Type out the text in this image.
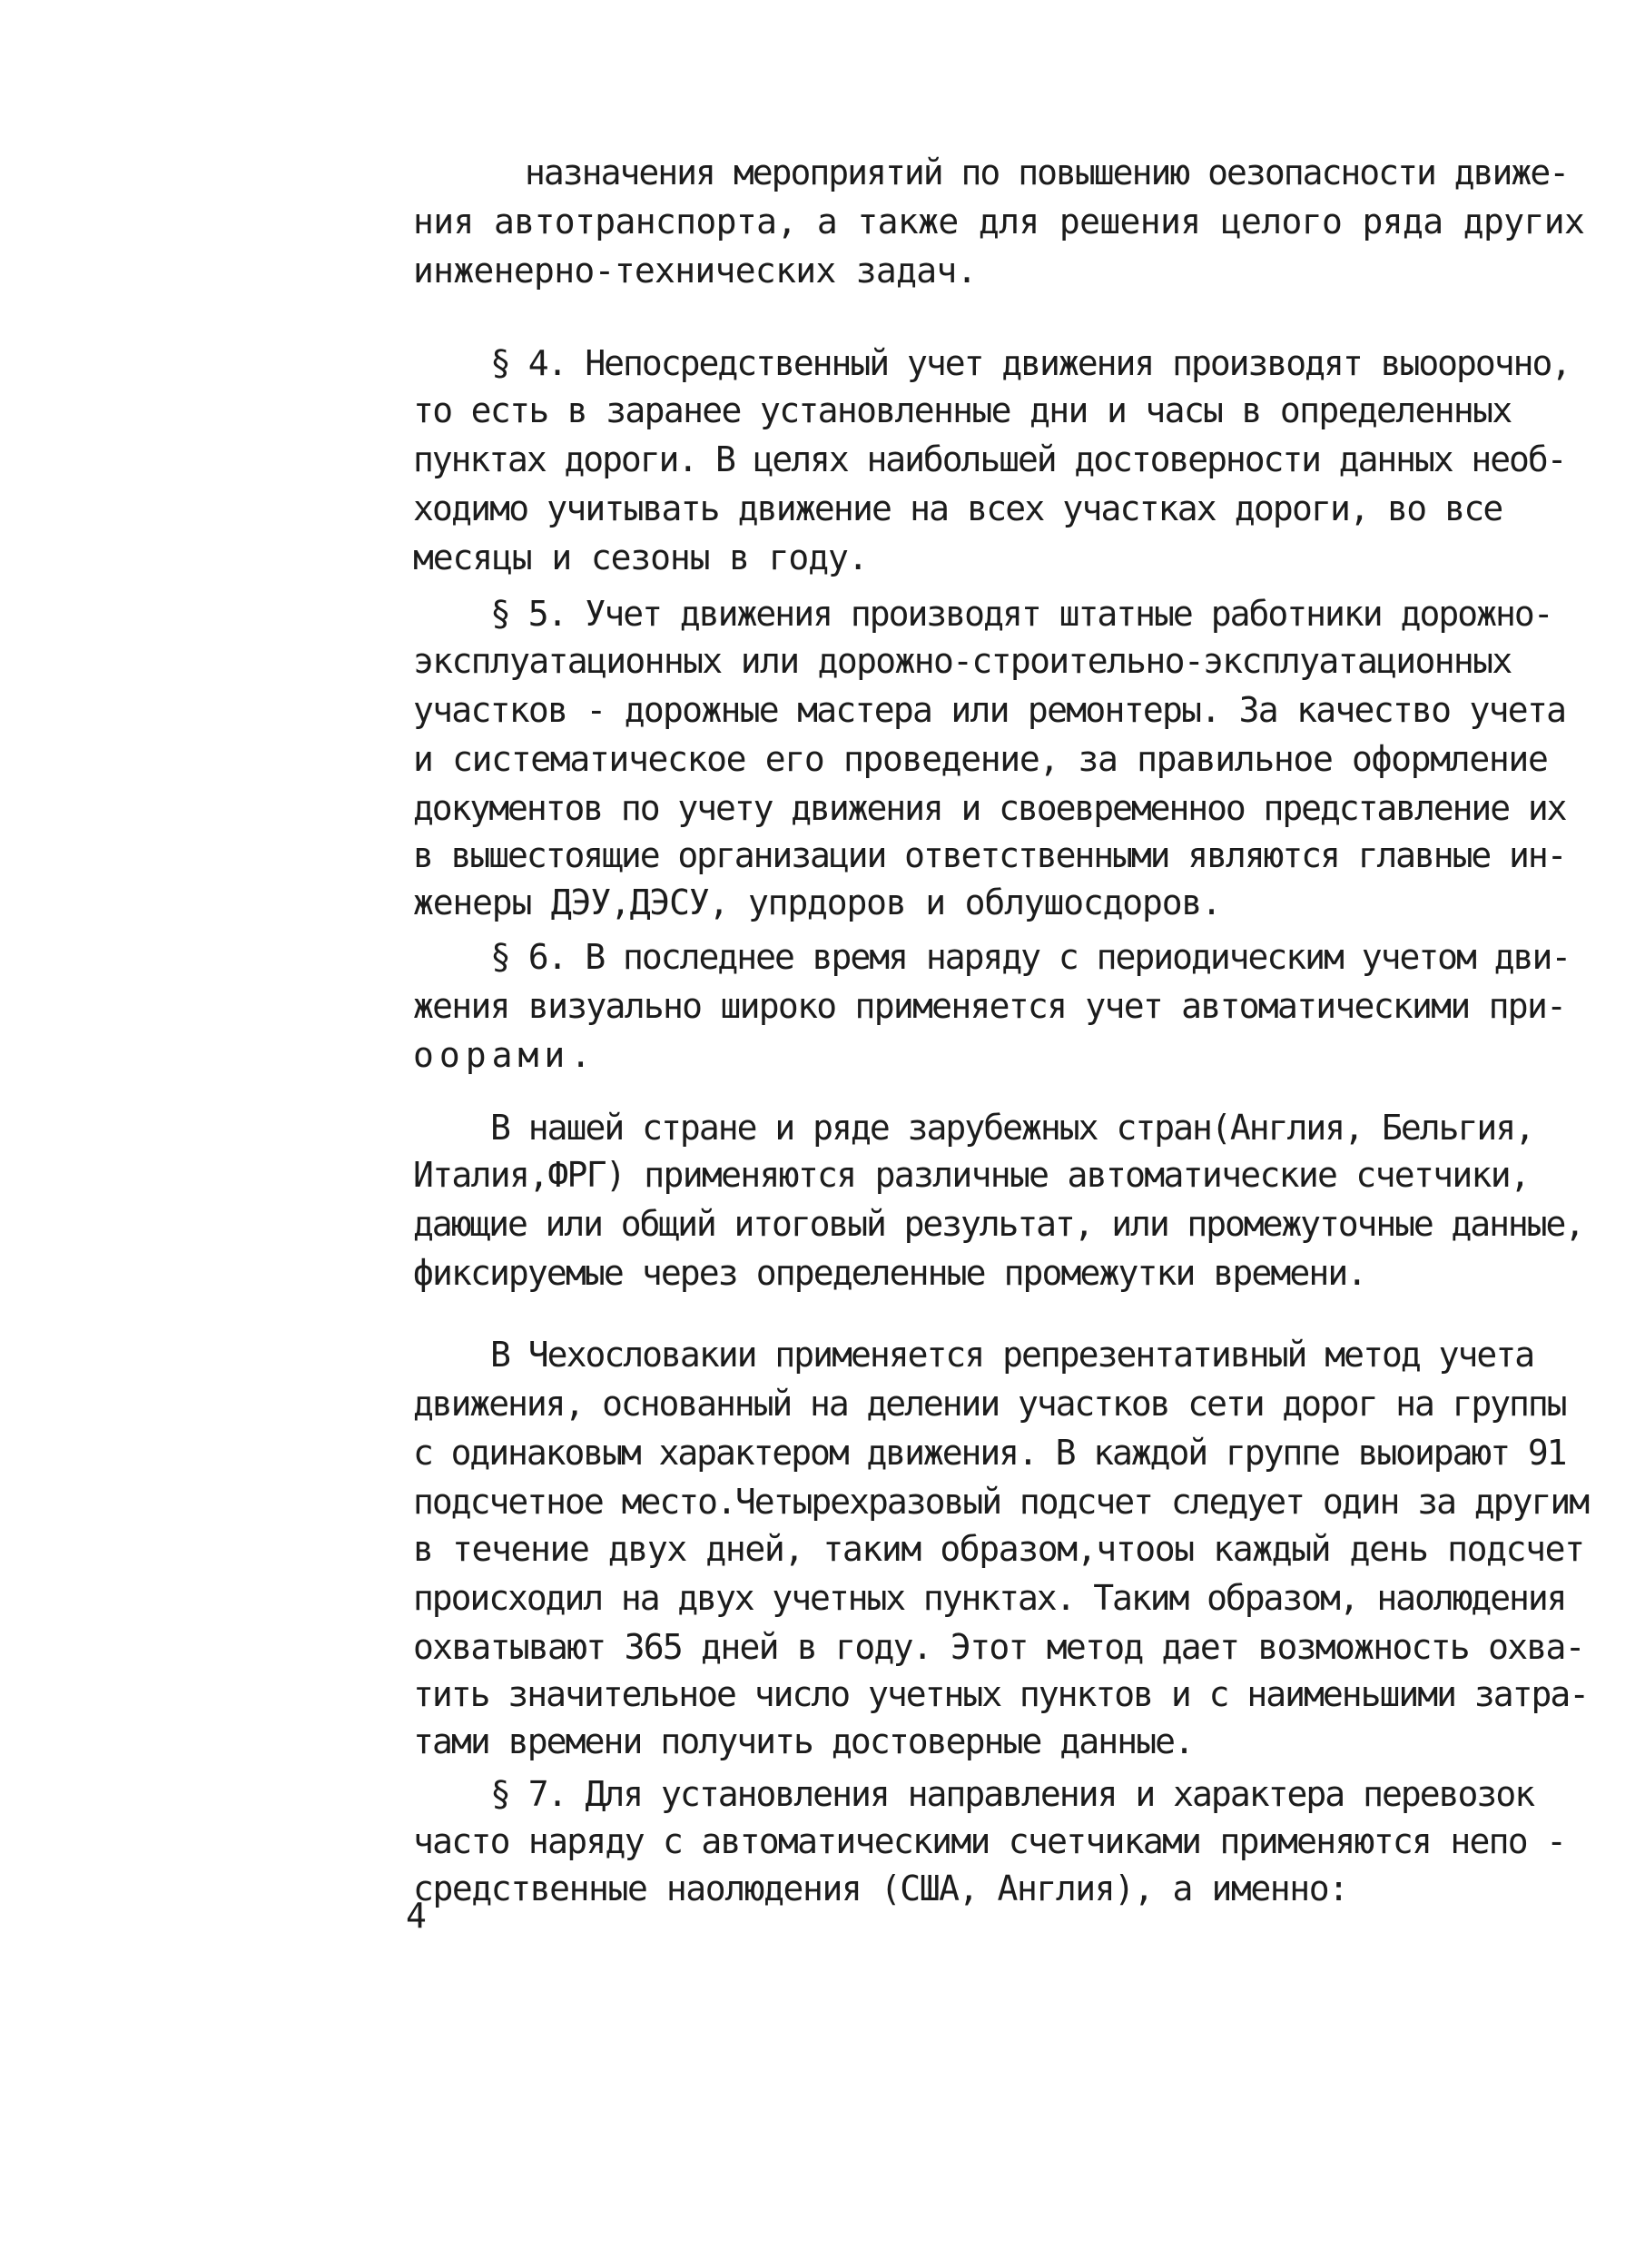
назначения мероприятий по повышению оезопасности движе-
ния автотранспорта, а также для решения целого ряда других
инженерно-технических задач.
§ 4. Непосредственный учет движения производят выоорочно,
то есть в заранее установленные дни и часы в определенных
пунктах дороги. В целях наибольшей достоверности данных необ-
ходимо учитывать движение на всех участках дороги, во все
месяцы и сезоны в году.
§ 5. Учет движения производят штатные работники дорожно-
эксплуатационных или дорожно-строительно-эксплуатационных
участков - дорожные мастера или ремонтеры. За качество учета
и систематическое его проведение, за правильное оформление
документов по учету движения и своевременноо представление их
в вышестоящие организации ответственными являются главные ин-
женеры ДЭУ,ДЭСУ, упрдоров и облушосдоров.
§ 6. В последнее время наряду с периодическим учетом дви-
жения визуально широко применяется учет автоматическими при-
оорами.
В нашей стране и ряде зарубежных стран(Англия, Бельгия,
Италия,ФРГ) применяются различные автоматические счетчики,
дающие или общий итоговый результат, или промежуточные данные,
фиксируемые через определенные промежутки времени.
В Чехословакии применяется репрезентативный метод учета
движения, основанный на делении участков сети дорог на группы
с одинаковым характером движения. В каждой группе выоирают 91
подсчетное место.Четырехразовый подсчет следует один за другим
в течение двух дней, таким образом,чтооы каждый день подсчет
происходил на двух учетных пунктах. Таким образом, наолюдения
охватывают 365 дней в году. Этот метод дает возможность охва-
тить значительное число учетных пунктов и с наименьшими затра-
тами времени получить достоверные данные.
§ 7. Для установления направления и характера перевозок
часто наряду с автоматическими счетчиками применяются непо -
средственные наолюдения (США, Англия), а именно:
4
